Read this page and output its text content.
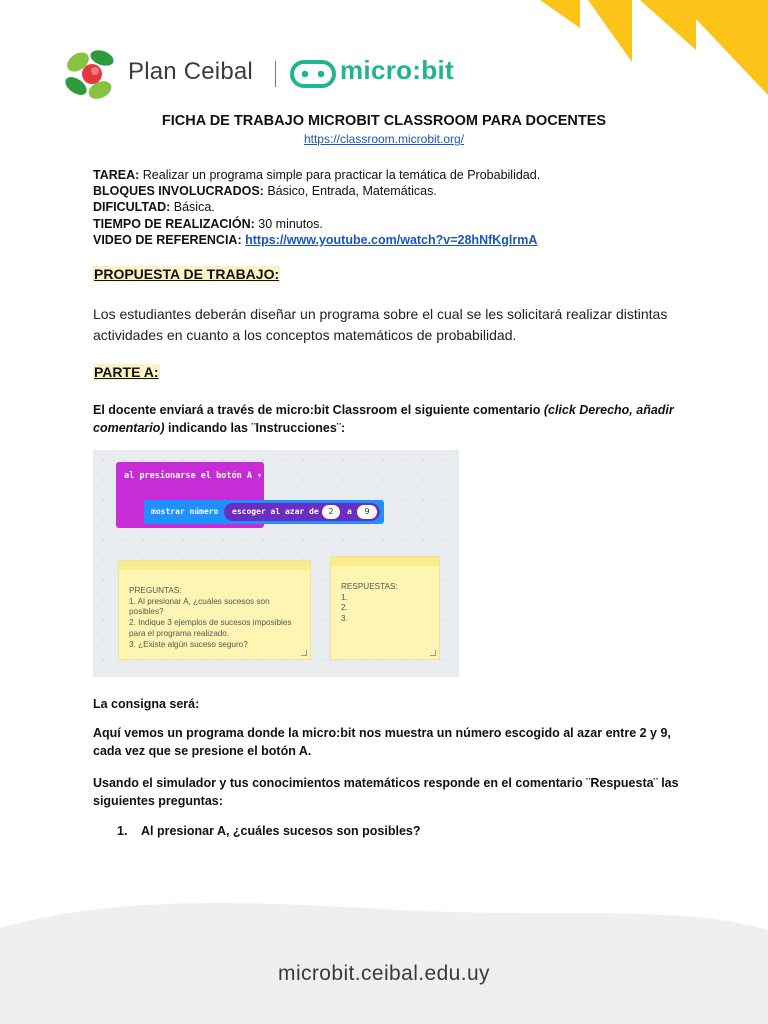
Plan Ceibal	micro:bit
FICHA DE TRABAJO MICROBIT CLASSROOM PARA DOCENTES
https://classroom.microbit.org/
TAREA: Realizar un programa simple para practicar la temática de Probabilidad.
BLOQUES INVOLUCRADOS: Básico, Entrada, Matemáticas.
DIFICULTAD: Básica.
TIEMPO DE REALIZACIÓN: 30 minutos.
VIDEO DE REFERENCIA: https://www.youtube.com/watch?v=28hNfKglrmA
PROPUESTA DE TRABAJO:
Los estudiantes deberán diseñar un programa sobre el cual se les solicitará realizar distintas actividades en cuanto a los conceptos matemáticos de probabilidad.
PARTE A:
El docente enviará a través de micro:bit Classroom el siguiente comentario (click Derecho, añadir comentario) indicando las ¨Instrucciones¨:
al presionarse el botón A ▾
mostrar número escoger al azar de	2	a	9
PREGUNTAS:
1. Al presionar A, ¿cuáles sucesos son
posibles?
2. Indique 3 ejemplos de sucesos imposibles
para el programa realizado.
3. ¿Existe algún suceso seguro?
RESPUESTAS:
1.
2.
3.
La consigna será:
Aquí vemos un programa donde la micro:bit nos muestra un número escogido al azar entre 2 y 9, cada vez que se presione el botón A.
Usando el simulador y tus conocimientos matemáticos responde en el comentario ¨Respuesta¨ las siguientes preguntas:
1. Al presionar A, ¿cuáles sucesos son posibles?
microbit.ceibal.edu.uy
